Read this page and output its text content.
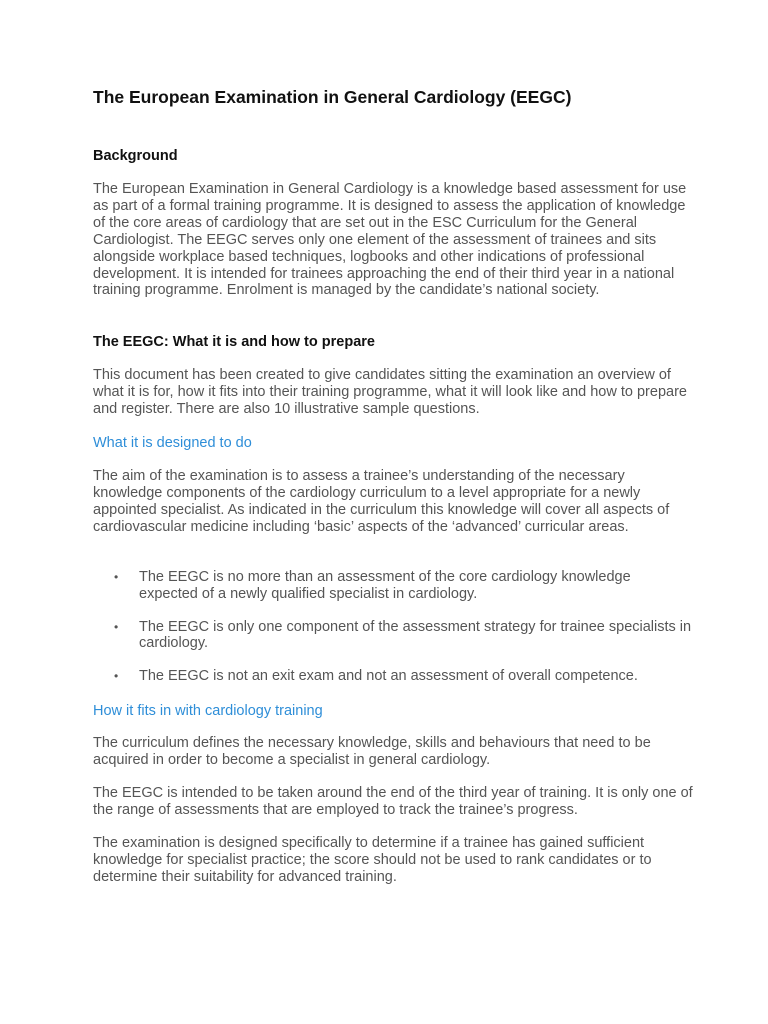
The European Examination in General Cardiology (EEGC)
Background

The European Examination in General Cardiology is a knowledge based assessment for use as part of a formal training programme. It is designed to assess the application of knowledge of the core areas of cardiology that are set out in the ESC Curriculum for the General Cardiologist. The EEGC serves only one element of the assessment of trainees and sits alongside workplace based techniques, logbooks and other indications of professional development. It is intended for trainees approaching the end of their third year in a national training programme. Enrolment is managed by the candidate’s national society.

The EEGC: What it is and how to prepare

This document has been created to give candidates sitting the examination an overview of what it is for, how it fits into their training programme, what it will look like and how to prepare and register. There are also 10 illustrative sample questions.

What it is designed to do

The aim of the examination is to assess a trainee’s understanding of the necessary knowledge components of the cardiology curriculum to a level appropriate for a newly appointed specialist. As indicated in the curriculum this knowledge will cover all aspects of cardiovascular medicine including ‘basic’ aspects of the ‘advanced’ curricular areas.

• The EEGC is no more than an assessment of the core cardiology knowledge expected of a newly qualified specialist in cardiology.
• The EEGC is only one component of the assessment strategy for trainee specialists in cardiology.
• The EEGC is not an exit exam and not an assessment of overall competence.
How it fits in with cardiology training

The curriculum defines the necessary knowledge, skills and behaviours that need to be acquired in order to become a specialist in general cardiology.

The EEGC is intended to be taken around the end of the third year of training. It is only one of the range of assessments that are employed to track the trainee’s progress.

The examination is designed specifically to determine if a trainee has gained sufficient knowledge for specialist practice; the score should not be used to rank candidates or to determine their suitability for advanced training.
